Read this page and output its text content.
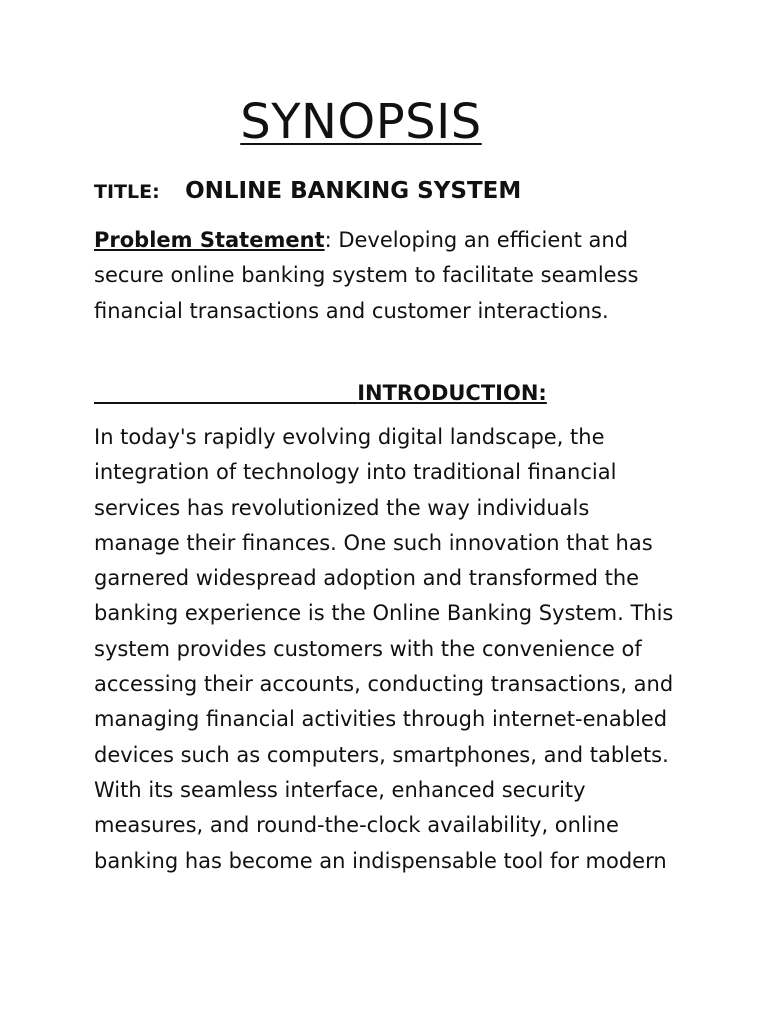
SYNOPSIS
TITLE: ONLINE BANKING SYSTEM

Problem Statement: Developing an efficient and secure online banking system to facilitate seamless financial transactions and customer interactions.

INTRODUCTION:

In today's rapidly evolving digital landscape, the integration of technology into traditional financial services has revolutionized the way individuals manage their finances. One such innovation that has garnered widespread adoption and transformed the banking experience is the Online Banking System. This system provides customers with the convenience of accessing their accounts, conducting transactions, and managing financial activities through internet-enabled devices such as computers, smartphones, and tablets. With its seamless interface, enhanced security measures, and round-the-clock availability, online banking has become an indispensable tool for modern
